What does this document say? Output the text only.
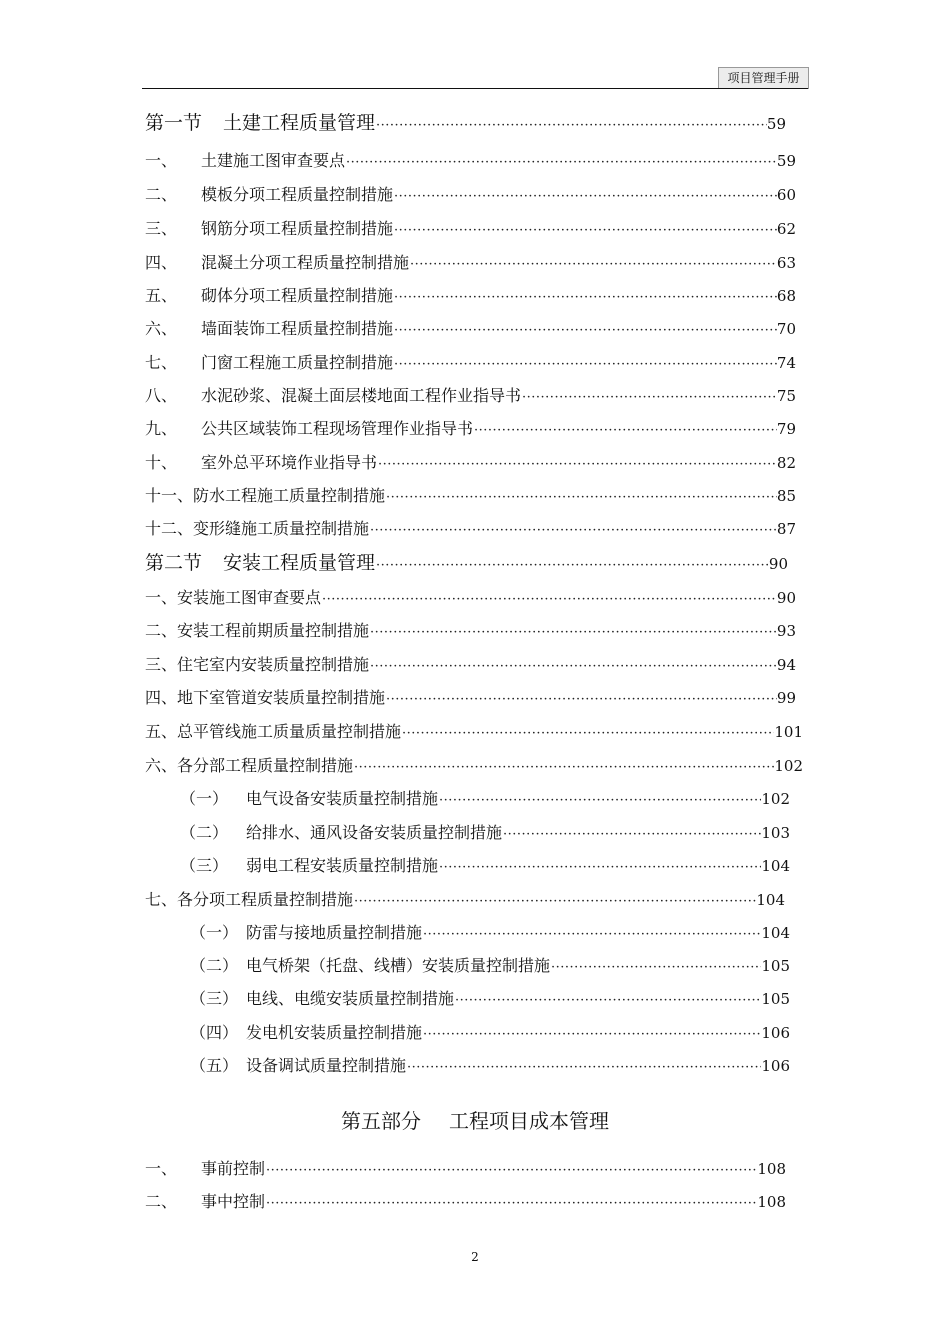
项目管理手册
第一节	土建工程质量管理 ·····	59
一、	土建施工图审查要点 ·····	59
二、	模板分项工程质量控制措施 ·····	60
三、	钢筋分项工程质量控制措施 ·····	62
四、	混凝土分项工程质量控制措施 ·····	63
五、	砌体分项工程质量控制措施 ·····	68
六、	墙面装饰工程质量控制措施 ·····	70
七、	门窗工程施工质量控制措施 ·····	74
八、	水泥砂浆、混凝土面层楼地面工程作业指导书 ·····	75
九、	公共区域装饰工程现场管理作业指导书 ·····	79
十、	室外总平环境作业指导书 ·····	82
十一、 防水工程施工质量控制措施 ·····	85
十二、 变形缝施工质量控制措施 ·····	87
第二节	安装工程质量管理 ·····	90
一、 安装施工图审查要点 ·····	90
二、 安装工程前期质量控制措施 ·····	93
三、 住宅室内安装质量控制措施 ·····	94
四、 地下室管道安装质量控制措施 ·····	99
五、 总平管线施工质量质量控制措施 ·····	101
六、 各分部工程质量控制措施 ·····	102
（一）	电气设备安装质量控制措施 ·····	102
（二）	给排水、通风设备安装质量控制措施 ·····	103
（三）	弱电工程安装质量控制措施 ·····	104
七、 各分项工程质量控制措施 ·····	104
（一） 防雷与接地质量控制措施 ·····	104
（二） 电气桥架（托盘、线槽）安装质量控制措施 ·····	105
（三） 电线、电缆安装质量控制措施 ·····	105
（四） 发电机安装质量控制措施 ·····	106
（五） 设备调试质量控制措施 ·····	106
第五部分 工程项目成本管理
一、	事前控制 ·····	108
二、	事中控制 ·····	108
2
